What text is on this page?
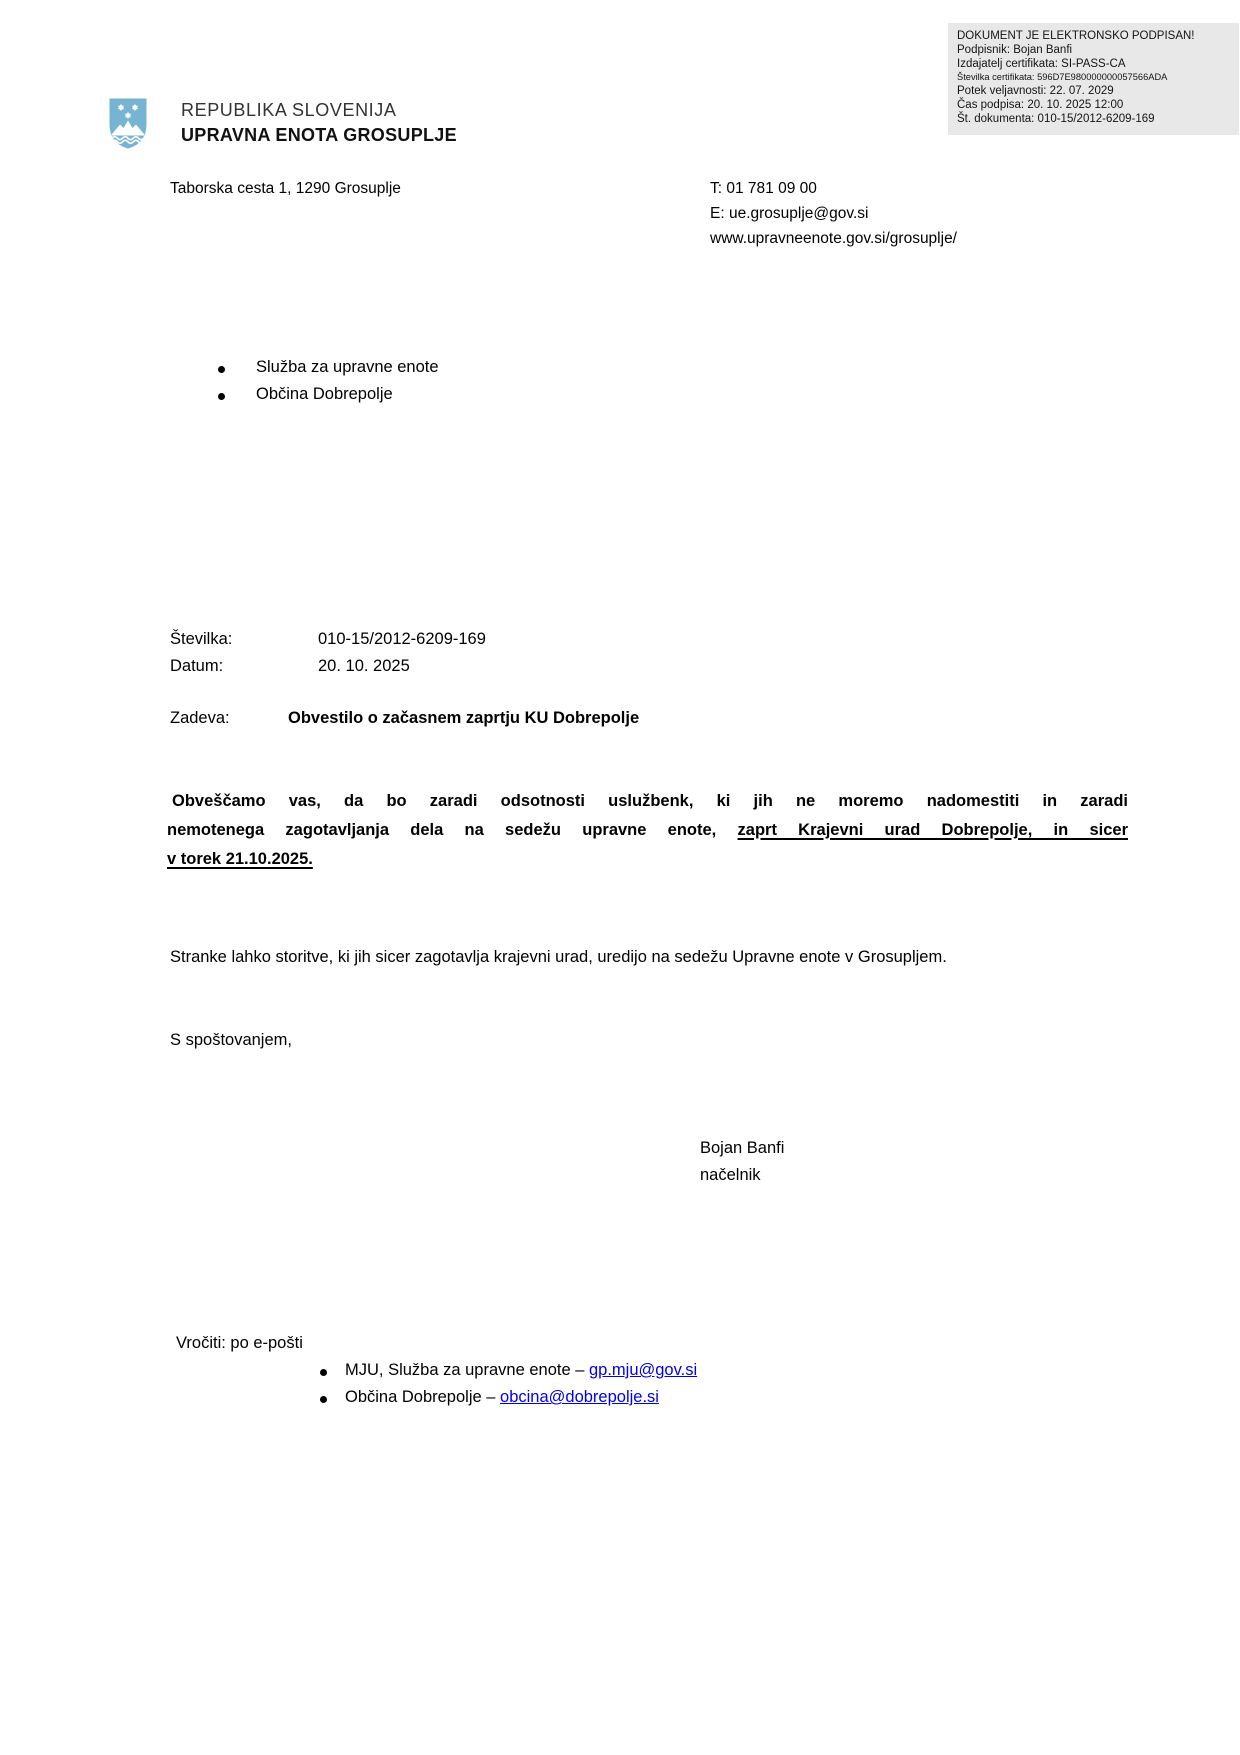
DOKUMENT JE ELEKTRONSKO PODPISAN!
Podpisnik: Bojan Banfi
Izdajatelj certifikata: SI-PASS-CA
Številka certifikata: 596D7E980000000057566ADA
Potek veljavnosti: 22. 07. 2029
Čas podpisa: 20. 10. 2025 12:00
Št. dokumenta: 010-15/2012-6209-169
REPUBLIKA SLOVENIJA
UPRAVNA ENOTA GROSUPLJE
Taborska cesta 1, 1290 Grosuplje	T: 01 781 09 00
E: ue.grosuplje@gov.si
www.upravneenote.gov.si/grosuplje/
Služba za upravne enote
Občina Dobrepolje
Številka:	010-15/2012-6209-169
Datum:	20. 10. 2025
Zadeva:	Obvestilo o začasnem zaprtju KU Dobrepolje
Obveščamo vas, da bo zaradi odsotnosti uslužbenk, ki jih ne moremo nadomestiti in zaradi
nemotenega zagotavljanja dela na sedežu upravne enote, zaprt Krajevni urad Dobrepolje, in sicer
v torek 21.10.2025.
Stranke lahko storitve, ki jih sicer zagotavlja krajevni urad, uredijo na sedežu Upravne enote v Grosupljem.
S spoštovanjem,
Bojan Banfi
načelnik
Vročiti: po e-pošti
MJU, Služba za upravne enote – gp.mju@gov.si
Občina Dobrepolje – obcina@dobrepolje.si
